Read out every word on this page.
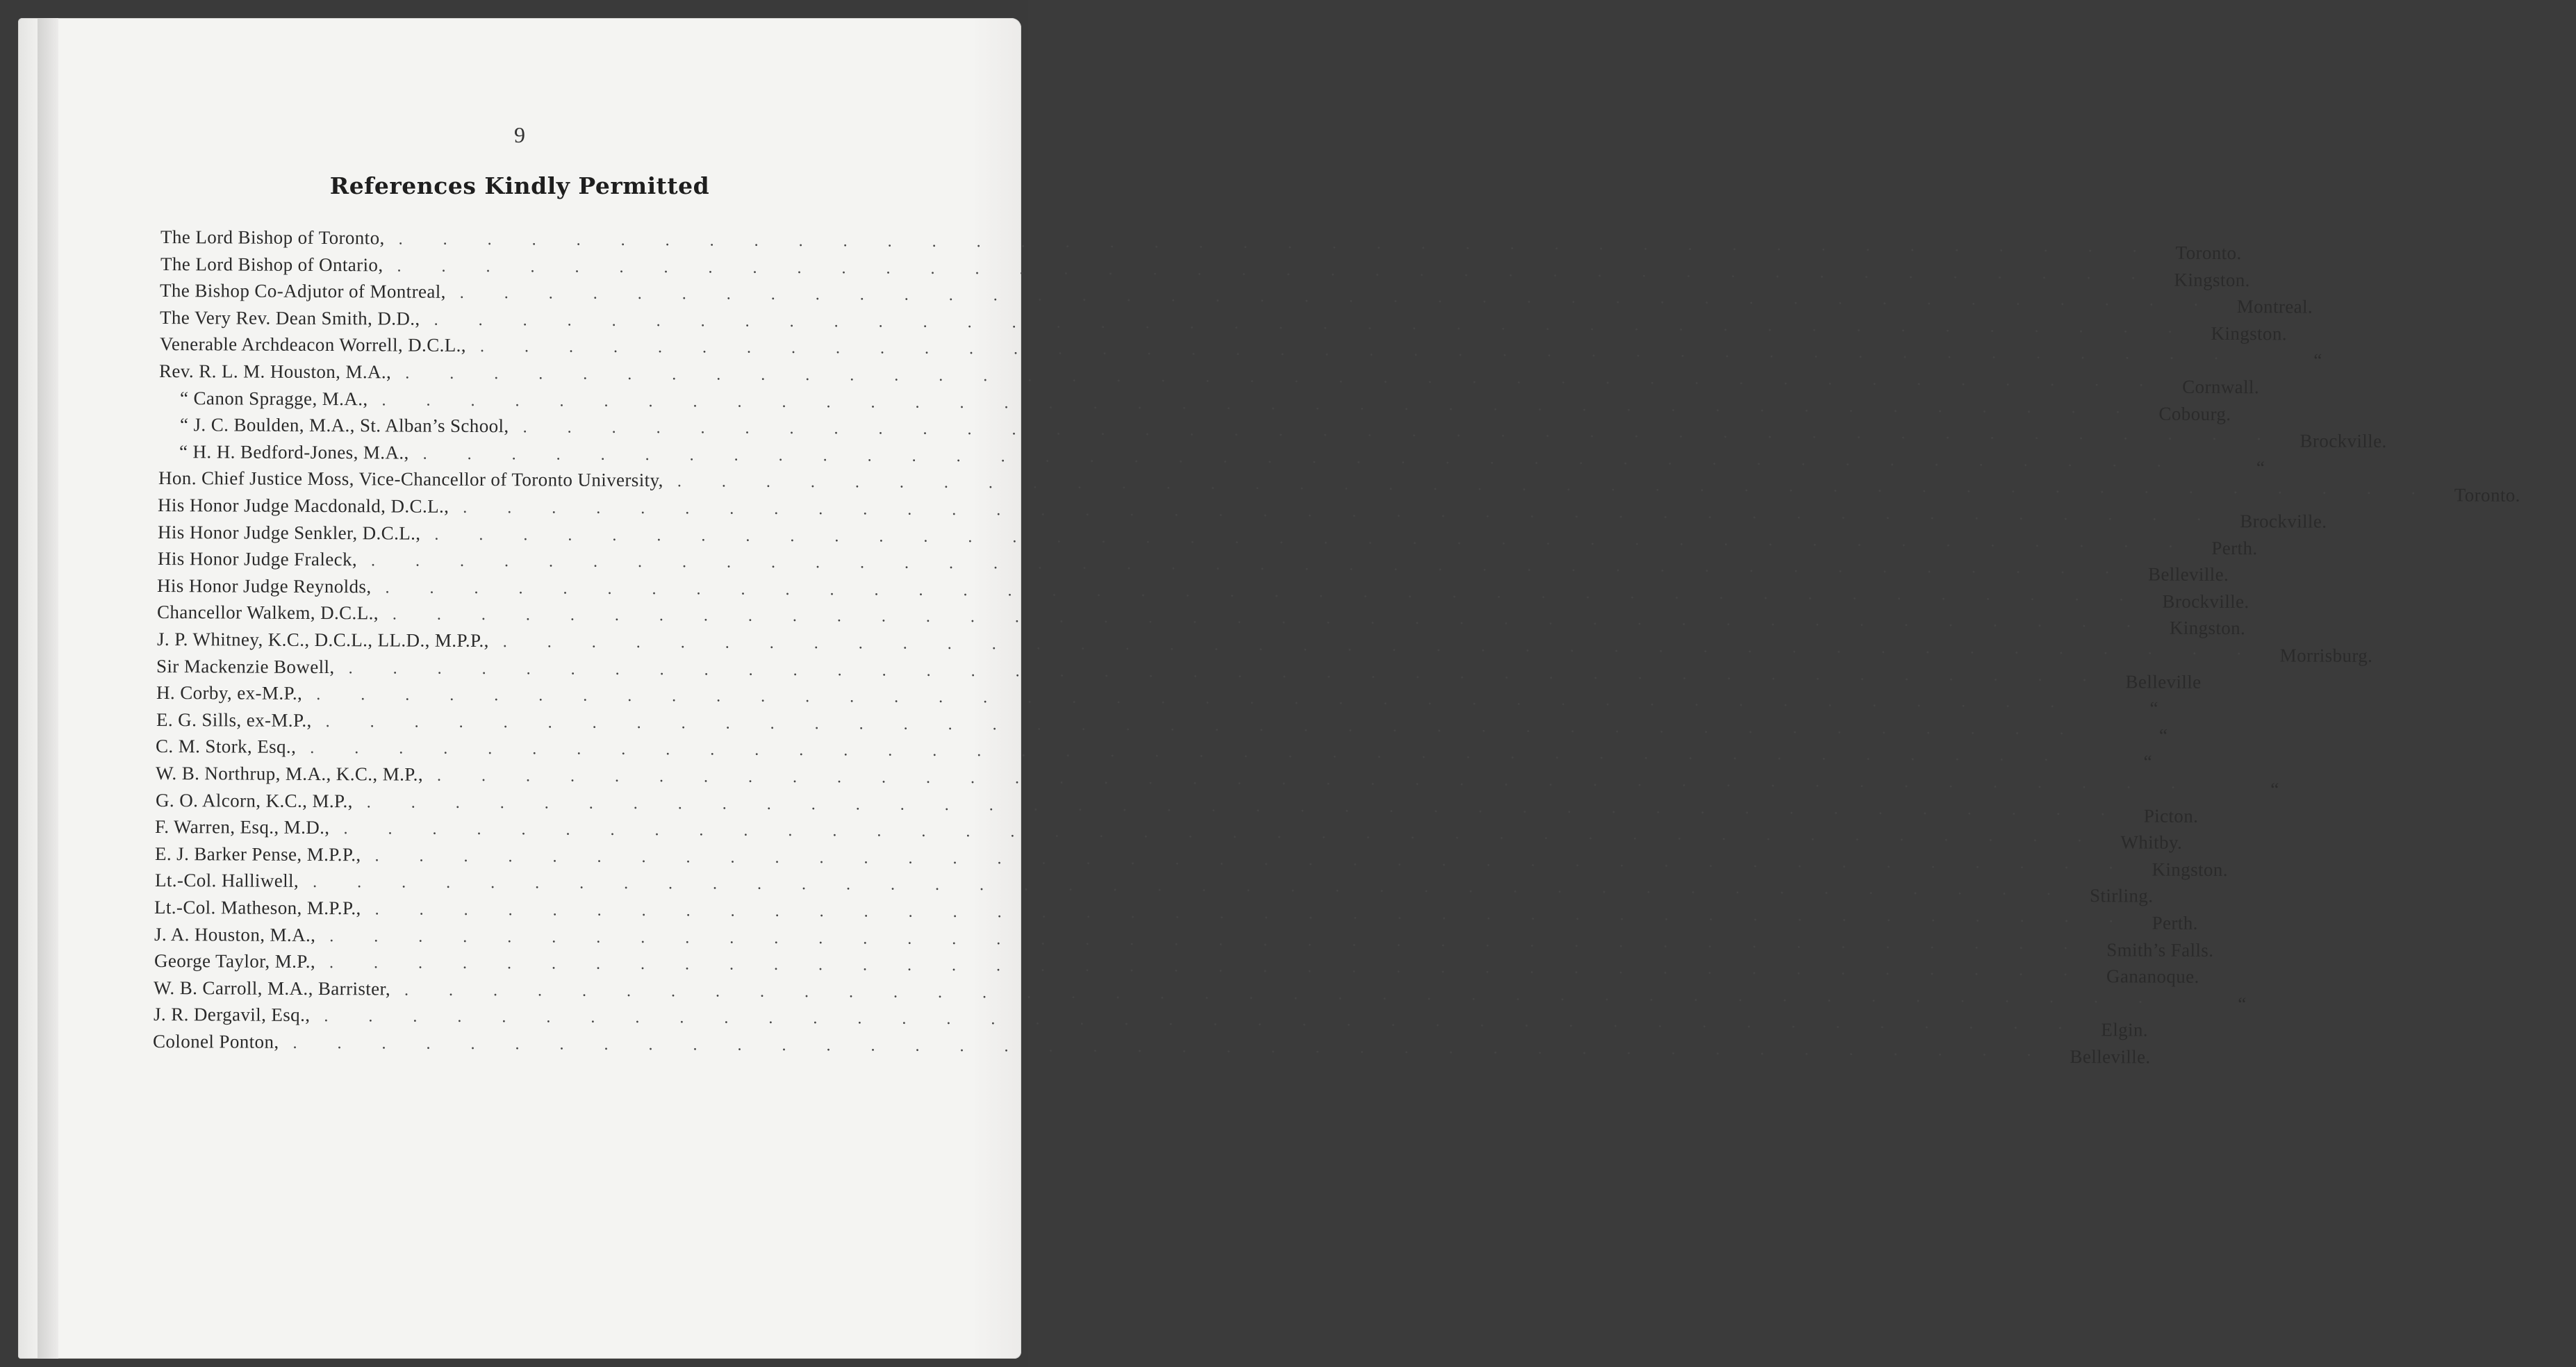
9
References Kindly Permitted
The Lord Bishop of Toronto, . . . . . . . . . . . . . . . . . . . . . . . . . . . . . . . . . . . . . . . . Toronto.
The Lord Bishop of Ontario, . . . . . . . . . . . . . . . . . . . . . . . . . . . . . . . . . . . . . . . . Kingston.
The Bishop Co-Adjutor of Montreal, . . . . . . . . . . . . . . . . . . . . . . . . . . . . . . . . . . . . . . . . Montreal.
The Very Rev. Dean Smith, D.D., . . . . . . . . . . . . . . . . . . . . . . . . . . . . . . . . . . . . . . . . Kingston.
Venerable Archdeacon Worrell, D.C.L., . . . . . . . . . . . . . . . . . . . . . . . . . . . . . . . . . . . . . . . .	“
Rev. R. L. M. Houston, M.A., . . . . . . . . . . . . . . . . . . . . . . . . . . . . . . . . . . . . . . . . Cornwall.
“ Canon Spragge, M.A., . . . . . . . . . . . . . . . . . . . . . . . . . . . . . . . . . . . . . . . . Cobourg.
“ J. C. Boulden, M.A., St. Alban’s School, . . . . . . . . . . . . . . . . . . . . . . . . . . . . . . . . . . . . . . . . Brockville.
“ H. H. Bedford-Jones, M.A., . . . . . . . . . . . . . . . . . . . . . . . . . . . . . . . . . . . . . . . .	“
Hon. Chief Justice Moss, Vice-Chancellor of Toronto University, . . . . . . . . . . . . . . . . . . . . . . . . . . . . . . . . . . . . . . . . Toronto.
His Honor Judge Macdonald, D.C.L., . . . . . . . . . . . . . . . . . . . . . . . . . . . . . . . . . . . . . . . . Brockville.
His Honor Judge Senkler, D.C.L., . . . . . . . . . . . . . . . . . . . . . . . . . . . . . . . . . . . . . . . . Perth.
His Honor Judge Fraleck, . . . . . . . . . . . . . . . . . . . . . . . . . . . . . . . . . . . . . . . . Belleville.
His Honor Judge Reynolds, . . . . . . . . . . . . . . . . . . . . . . . . . . . . . . . . . . . . . . . . Brockville.
Chancellor Walkem, D.C.L., . . . . . . . . . . . . . . . . . . . . . . . . . . . . . . . . . . . . . . . . Kingston.
J. P. Whitney, K.C., D.C.L., LL.D., M.P.P., . . . . . . . . . . . . . . . . . . . . . . . . . . . . . . . . . . . . . . . . Morrisburg.
Sir Mackenzie Bowell, . . . . . . . . . . . . . . . . . . . . . . . . . . . . . . . . . . . . . . . . Belleville
H. Corby, ex-M.P., . . . . . . . . . . . . . . . . . . . . . . . . . . . . . . . . . . . . . . . .	“
E. G. Sills, ex-M.P., . . . . . . . . . . . . . . . . . . . . . . . . . . . . . . . . . . . . . . . .	“
C. M. Stork, Esq., . . . . . . . . . . . . . . . . . . . . . . . . . . . . . . . . . . . . . . . .	“
W. B. Northrup, M.A., K.C., M.P., . . . . . . . . . . . . . . . . . . . . . . . . . . . . . . . . . . . . . . . .	“
G. O. Alcorn, K.C., M.P., . . . . . . . . . . . . . . . . . . . . . . . . . . . . . . . . . . . . . . . . Picton.
F. Warren, Esq., M.D., . . . . . . . . . . . . . . . . . . . . . . . . . . . . . . . . . . . . . . . . Whitby.
E. J. Barker Pense, M.P.P., . . . . . . . . . . . . . . . . . . . . . . . . . . . . . . . . . . . . . . . . Kingston.
Lt.-Col. Halliwell, . . . . . . . . . . . . . . . . . . . . . . . . . . . . . . . . . . . . . . . . Stirling.
Lt.-Col. Matheson, M.P.P., . . . . . . . . . . . . . . . . . . . . . . . . . . . . . . . . . . . . . . . . Perth.
J. A. Houston, M.A., . . . . . . . . . . . . . . . . . . . . . . . . . . . . . . . . . . . . . . . . Smith’s Falls.
George Taylor, M.P., . . . . . . . . . . . . . . . . . . . . . . . . . . . . . . . . . . . . . . . . Gananoque.
W. B. Carroll, M.A., Barrister, . . . . . . . . . . . . . . . . . . . . . . . . . . . . . . . . . . . . . . . .	“
J. R. Dergavil, Esq., . . . . . . . . . . . . . . . . . . . . . . . . . . . . . . . . . . . . . . . . Elgin.
Colonel Ponton, . . . . . . . . . . . . . . . . . . . . . . . . . . . . . . . . . . . . . . . . Belleville.
